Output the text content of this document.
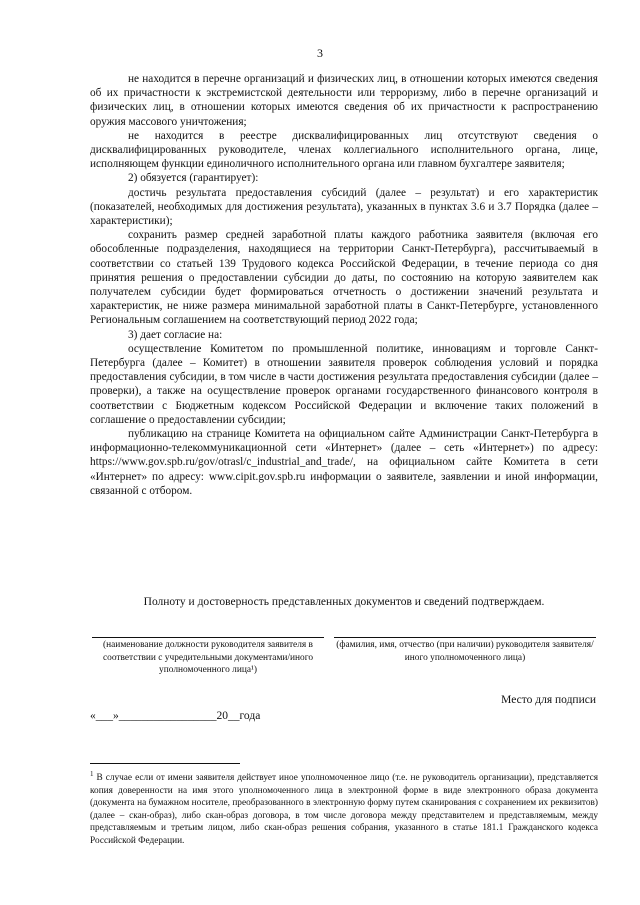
3

не находится в перечне организаций и физических лиц, в отношении которых имеются сведения об их причастности к экстремистской деятельности или терроризму, либо в перечне организаций и физических лиц, в отношении которых имеются сведения об их причастности к распространению оружия массового уничтожения;

не находится в реестре дисквалифицированных лиц отсутствуют сведения о дисквалифицированных руководителе, членах коллегиального исполнительного органа, лице, исполняющем функции единоличного исполнительного органа или главном бухгалтере заявителя;

2) обязуется (гарантирует):

достичь результата предоставления субсидий (далее – результат) и его характеристик (показателей, необходимых для достижения результата), указанных в пунктах 3.6 и 3.7 Порядка (далее – характеристики);

сохранить размер средней заработной платы каждого работника заявителя (включая его обособленные подразделения, находящиеся на территории Санкт-Петербурга), рассчитываемый в соответствии со статьей 139 Трудового кодекса Российской Федерации, в течение периода со дня принятия решения о предоставлении субсидии до даты, по состоянию на которую заявителем как получателем субсидии будет формироваться отчетность о достижении значений результата и характеристик, не ниже размера минимальной заработной платы в Санкт-Петербурге, установленного Региональным соглашением на соответствующий период 2022 года;

3) дает согласие на:

осуществление Комитетом по промышленной политике, инновациям и торговле Санкт-Петербурга (далее – Комитет) в отношении заявителя проверок соблюдения условий и порядка предоставления субсидии, в том числе в части достижения результата предоставления субсидии (далее – проверки), а также на осуществление проверок органами государственного финансового контроля в соответствии с Бюджетным кодексом Российской Федерации и включение таких положений в соглашение о предоставлении субсидии;

публикацию на странице Комитета на официальном сайте Администрации Санкт-Петербурга в информационно-телекоммуникационной сети «Интернет» (далее – сеть «Интернет») по адресу: https://www.gov.spb.ru/gov/otrasl/c_industrial_and_trade/, на официальном сайте Комитета в сети «Интернет» по адресу: www.cipit.gov.spb.ru информации о заявителе, заявлении и иной информации, связанной с отбором.

Полноту и достоверность представленных документов и сведений подтверждаем.
(наименование должности руководителя заявителя в соответствии с учредительными документами/иного уполномоченного лица¹)
(фамилия, имя, отчество (при наличии) руководителя заявителя/иного уполномоченного лица)
Место для подписи
«___»_________________20__года
$^1$ В случае если от имени заявителя действует иное уполномоченное лицо (т.е. не руководитель организации), представляется копия доверенности на имя этого уполномоченного лица в электронной форме в виде электронного образа документа (документа на бумажном носителе, преобразованного в электронную форму путем сканирования с сохранением их реквизитов) (далее – скан-образ), либо скан-образ договора, в том числе договора между представителем и представляемым, между представляемым и третьим лицом, либо скан-образ решения собрания, указанного в статье 181.1 Гражданского кодекса Российской Федерации.
